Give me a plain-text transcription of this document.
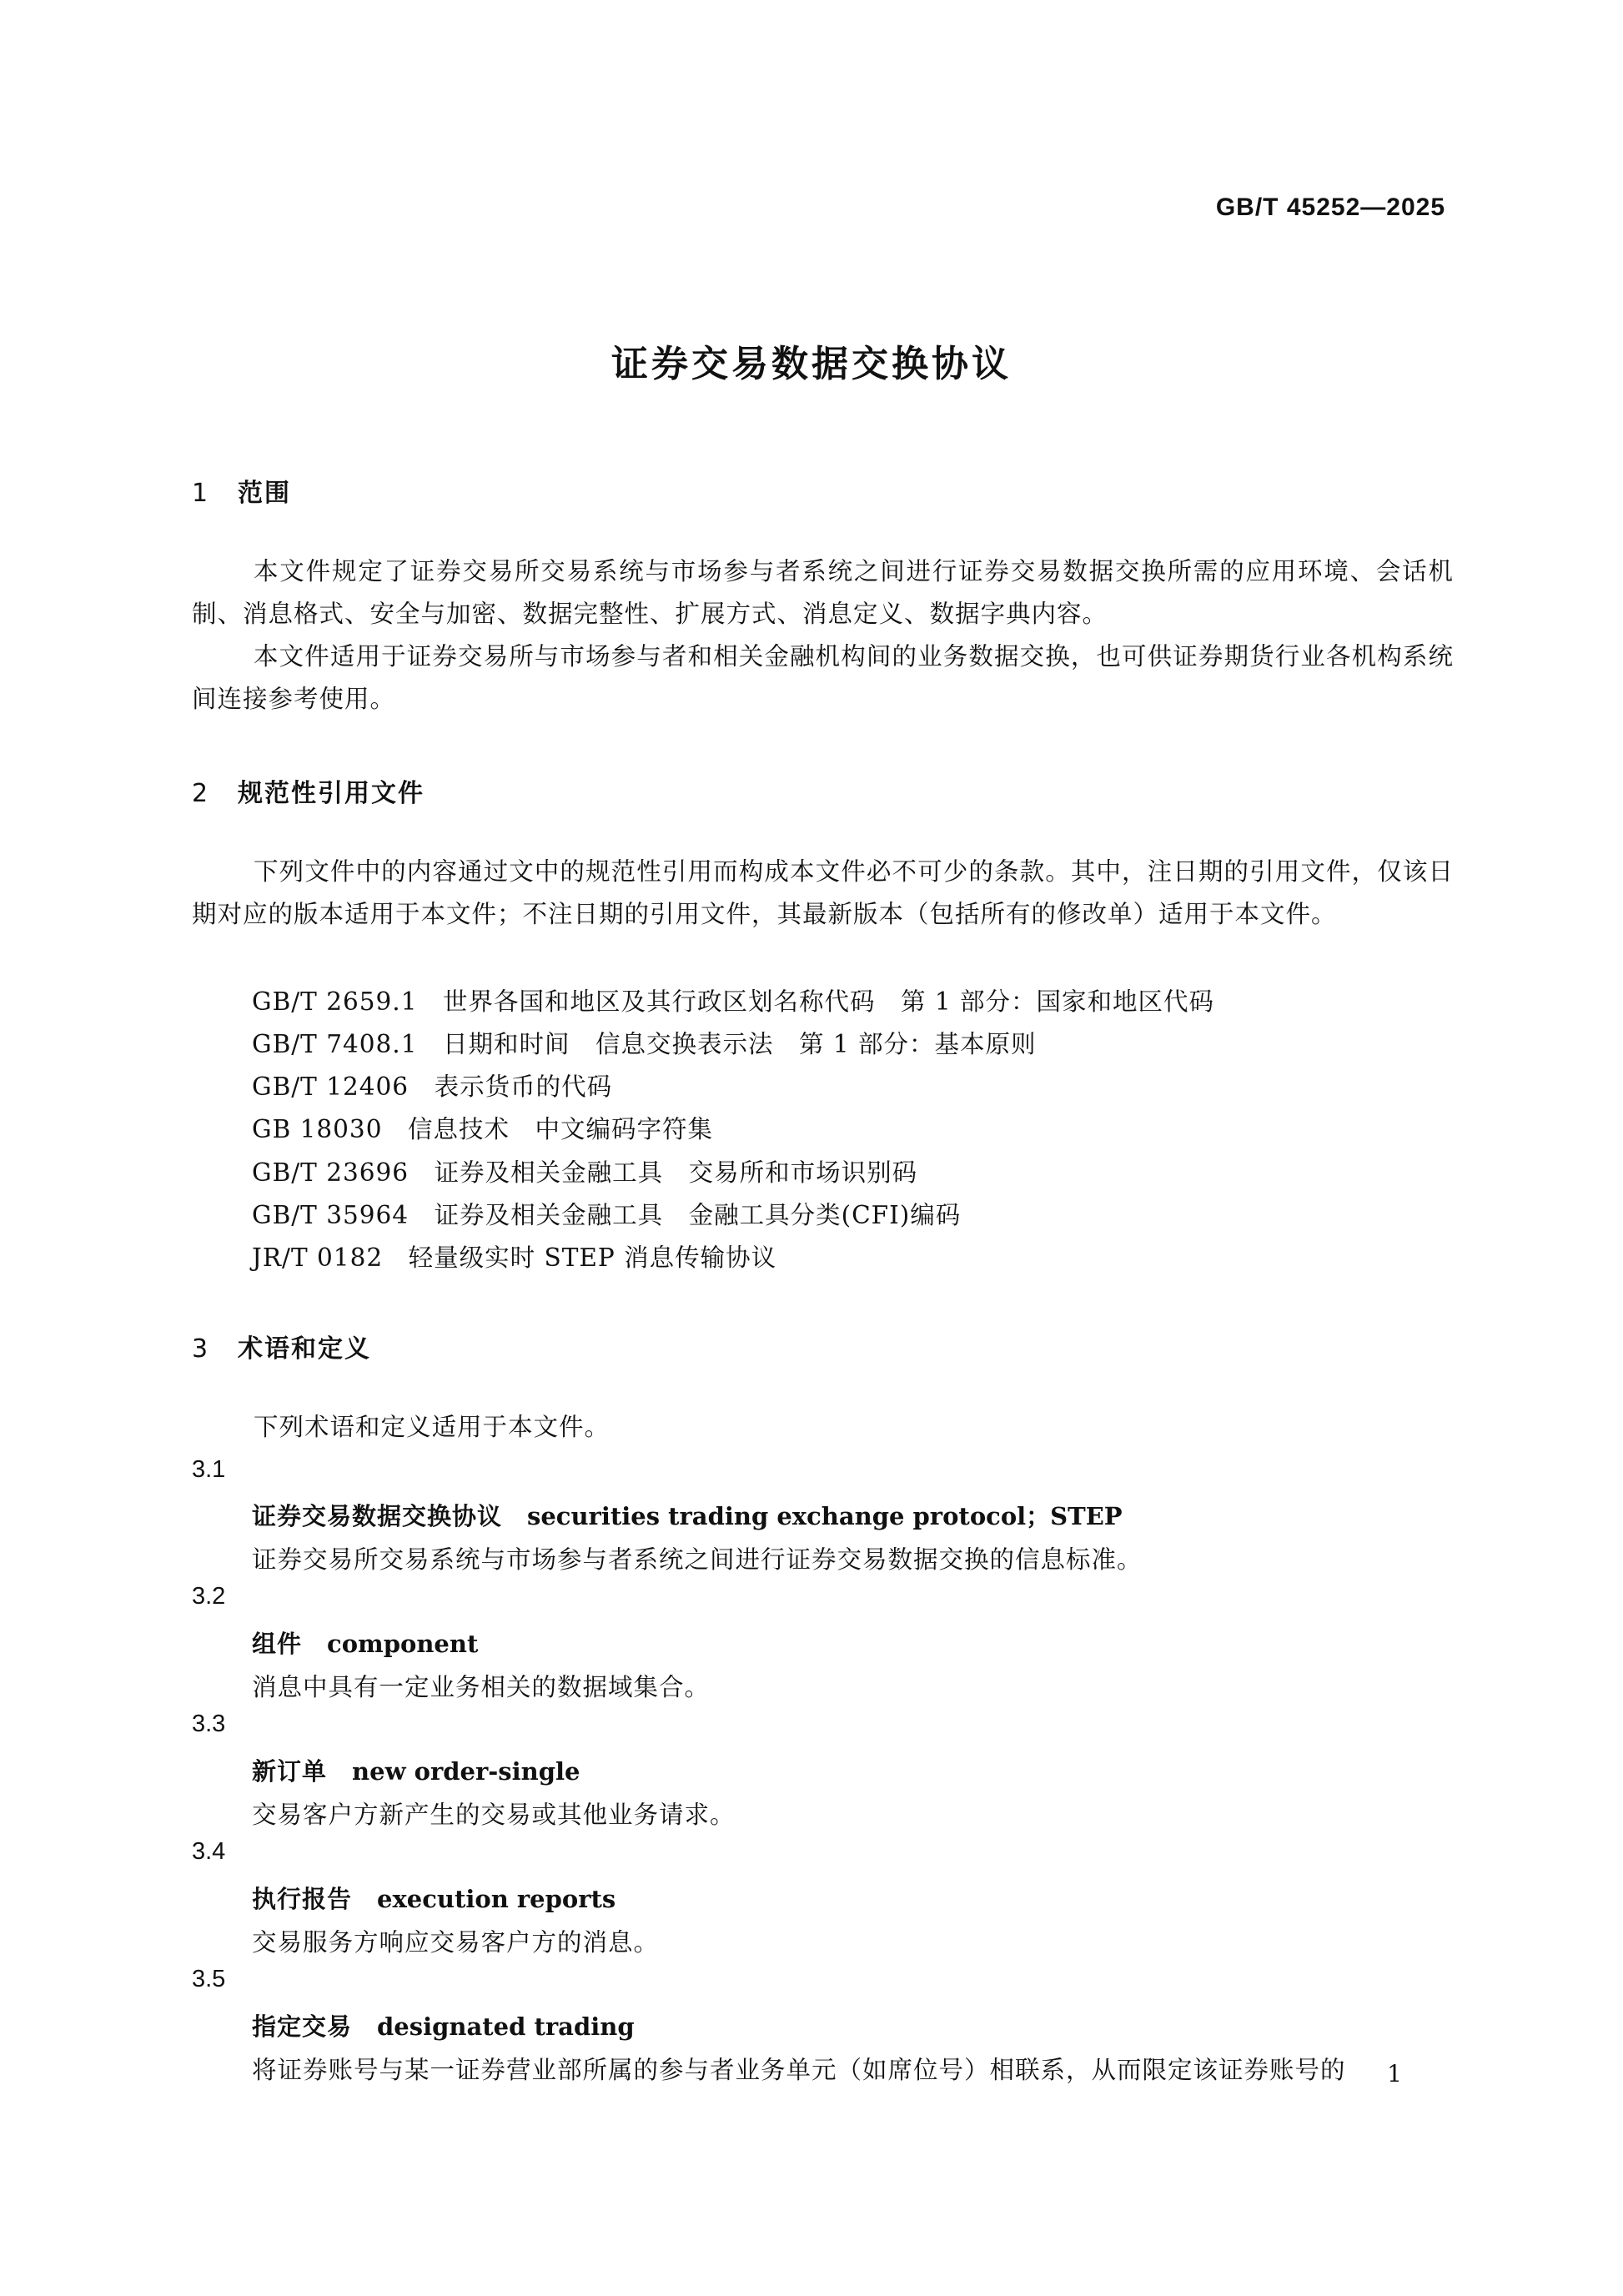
GB/T 45252—2025
证券交易数据交换协议
1 范围

本文件规定了证券交易所交易系统与市场参与者系统之间进行证券交易数据交换所需的应用环境、会话机制、消息格式、安全与加密、数据完整性、扩展方式、消息定义、数据字典内容。

本文件适用于证券交易所与市场参与者和相关金融机构间的业务数据交换，也可供证券期货行业各机构系统间连接参考使用。

2 规范性引用文件

下列文件中的内容通过文中的规范性引用而构成本文件必不可少的条款。其中，注日期的引用文件，仅该日期对应的版本适用于本文件；不注日期的引用文件，其最新版本（包括所有的修改单）适用于本文件。

GB/T 2659.1　世界各国和地区及其行政区划名称代码　第 1 部分：国家和地区代码
GB/T 7408.1　日期和时间　信息交换表示法　第 1 部分：基本原则
GB/T 12406　表示货币的代码
GB 18030　信息技术　中文编码字符集
GB/T 23696　证券及相关金融工具　交易所和市场识别码
GB/T 35964　证券及相关金融工具　金融工具分类(CFI)编码
JR/T 0182　轻量级实时 STEP 消息传输协议
3 术语和定义

下列术语和定义适用于本文件。

3.1
证券交易数据交换协议　 securities trading exchange protocol；STEP
证券交易所交易系统与市场参与者系统之间进行证券交易数据交换的信息标准。
3.2
组件　 component
消息中具有一定业务相关的数据域集合。
3.3
新订单　 new order-single
交易客户方新产生的交易或其他业务请求。
3.4
执行报告　 execution reports
交易服务方响应交易客户方的消息。
3.5
指定交易　 designated trading
将证券账号与某一证券营业部所属的参与者业务单元（如席位号）相联系，从而限定该证券账号的 1
